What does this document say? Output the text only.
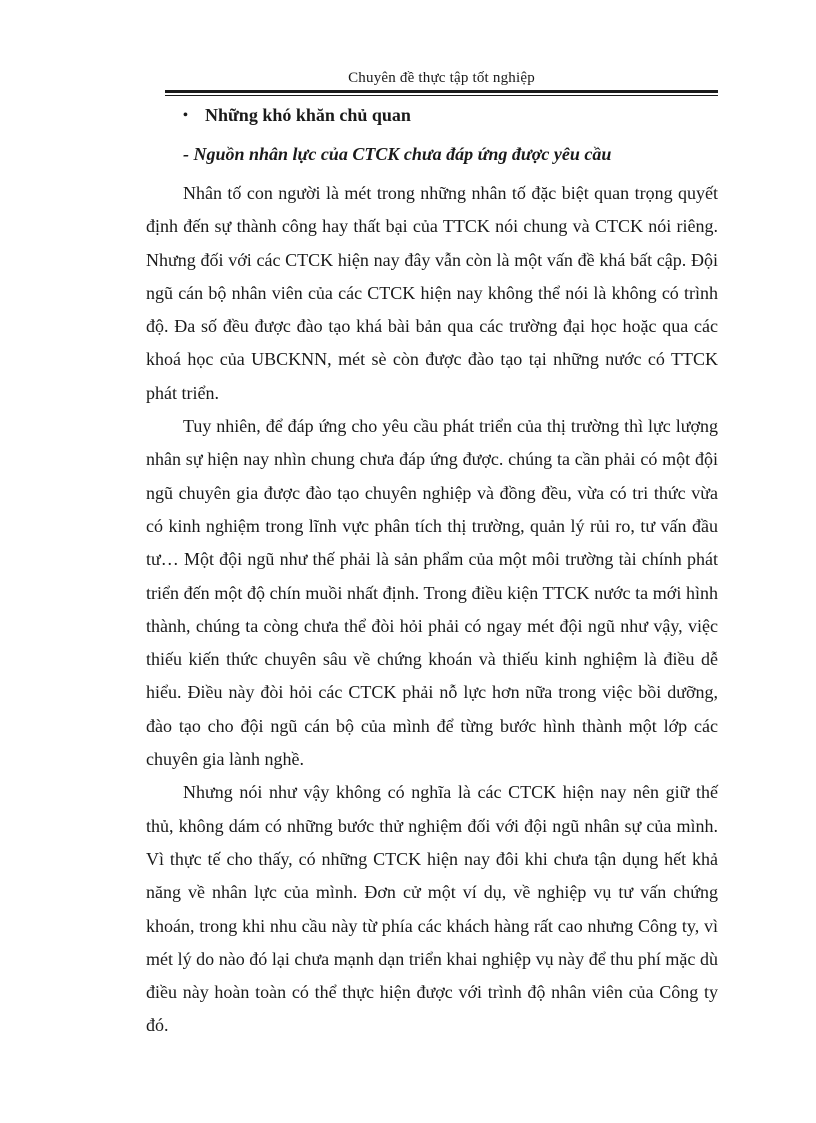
Chuyên đề thực tập tốt nghiệp
• Những khó khăn chủ quan
- Nguồn nhân lực của CTCK chưa đáp ứng được yêu cầu

Nhân tố con người là mét trong những nhân tố đặc biệt quan trọng quyết định đến sự thành công hay thất bại của TTCK nói chung và CTCK nói riêng. Nhưng đối với các CTCK hiện nay đây vẫn còn là một vấn đề khá bất cập. Đội ngũ cán bộ nhân viên của các CTCK hiện nay không thể nói là không có trình độ. Đa số đều được đào tạo khá bài bản qua các trường đại học hoặc qua các khoá học của UBCKNN, mét sè còn được đào tạo tại những nước có TTCK phát triển.

Tuy nhiên, để đáp ứng cho yêu cầu phát triển của thị trường thì lực lượng nhân sự hiện nay nhìn chung chưa đáp ứng được. chúng ta cần phải có một đội ngũ chuyên gia được đào tạo chuyên nghiệp và đồng đều, vừa có tri thức vừa có kinh nghiệm trong lĩnh vực phân tích thị trường, quản lý rủi ro, tư vấn đầu tư… Một đội ngũ như thế phải là sản phẩm của một môi trường tài chính phát triển đến một độ chín muồi nhất định. Trong điều kiện TTCK nước ta mới hình thành, chúng ta còng chưa thể đòi hỏi phải có ngay mét đội ngũ như vậy, việc thiếu kiến thức chuyên sâu về chứng khoán và thiếu kinh nghiệm là điều dễ hiểu. Điều này đòi hỏi các CTCK phải nỗ lực hơn nữa trong việc bồi dưỡng, đào tạo cho đội ngũ cán bộ của mình để từng bước hình thành một lớp các chuyên gia lành nghề.

Nhưng nói như vậy không có nghĩa là các CTCK hiện nay nên giữ thế thủ, không dám có những bước thử nghiệm đối với đội ngũ nhân sự của mình. Vì thực tế cho thấy, có những CTCK hiện nay đôi khi chưa tận dụng hết khả năng về nhân lực của mình. Đơn cử một ví dụ, về nghiệp vụ tư vấn chứng khoán, trong khi nhu cầu này từ phía các khách hàng rất cao nhưng Công ty, vì mét lý do nào đó lại chưa mạnh dạn triển khai nghiệp vụ này để thu phí mặc dù điều này hoàn toàn có thể thực hiện được với trình độ nhân viên của Công ty đó.
